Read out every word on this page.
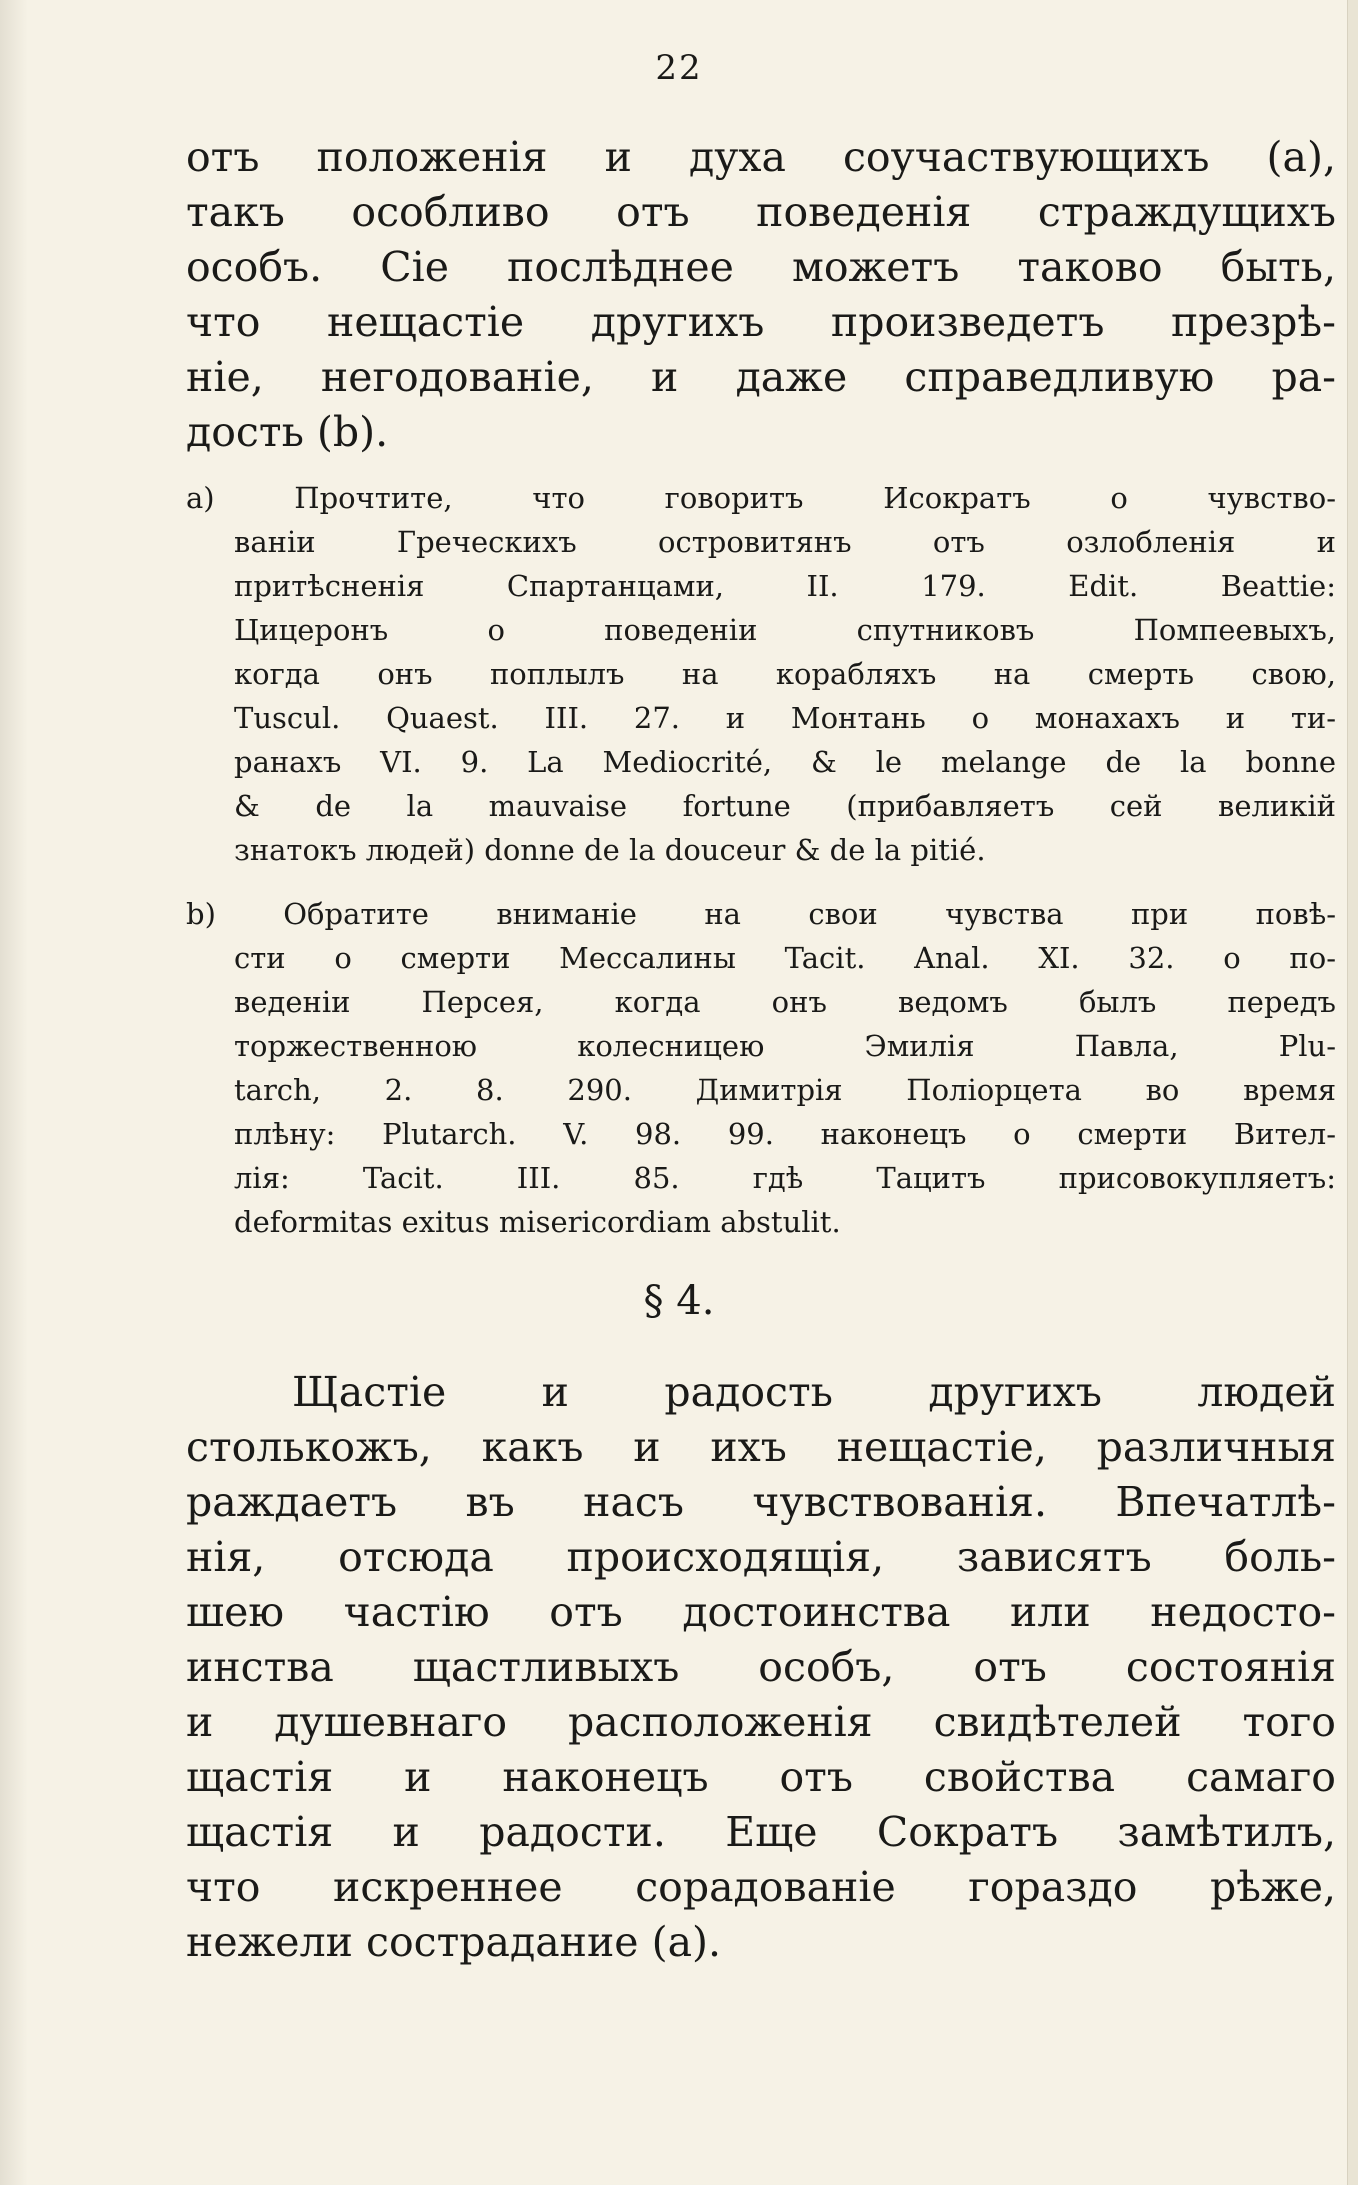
22
отъ положенія и духа соучаствующихъ (a),
такъ особливо отъ поведенія страждущихъ
особъ. Сіе послѣднее можетъ таково быть,
что нещастіе другихъ произведетъ презрѣ-
ніе, негодованіе, и даже справедливую ра-
дость (b).
a) Прочтите, что говоритъ Исократъ о чувство-
ваніи Греческихъ островитянъ отъ озлобленія и
притѣсненія Спартанцами, II. 179. Edit. Beattie:
Цицеронъ о поведеніи спутниковъ Помпеевыхъ,
когда онъ поплылъ на корабляхъ на смерть свою,
Tuscul. Quaest. III. 27. и Монтань о монахахъ и ти-
ранахъ VI. 9. La Mediocrité, & le melange de la bonne
& de la mauvaise fortune (прибавляетъ сей великій
знатокъ людей) donne de la douceur & de la pitié.
b) Обратите вниманіе на свои чувства при повѣ-
сти о смерти Мессалины Tacit. Anal. XI. 32. о по-
веденіи Персея, когда онъ ведомъ былъ передъ
торжественною колесницею Эмилія Павла, Plu-
tarch, 2. 8. 290. Димитрія Поліорцета во время
плѣну: Plutarch. V. 98. 99. наконецъ о смерти Вител-
лія: Tacit. III. 85. гдѣ Тацитъ присовокупляетъ:
deformitas exitus misericordiam abstulit.
§ 4.
Щастіе и радость другихъ людей
столькожъ, какъ и ихъ нещастіе, различныя
раждаетъ въ насъ чувствованія. Впечатлѣ-
нія, отсюда происходящія, зависятъ боль-
шею частію отъ достоинства или недосто-
инства щастливыхъ особъ, отъ состоянія
и душевнаго расположенія свидѣтелей того
щастія и наконецъ отъ свойства самаго
щастія и радости. Еще Сократъ замѣтилъ,
что искреннее сорадованіе гораздо рѣже,
нежели сострадание (a).
